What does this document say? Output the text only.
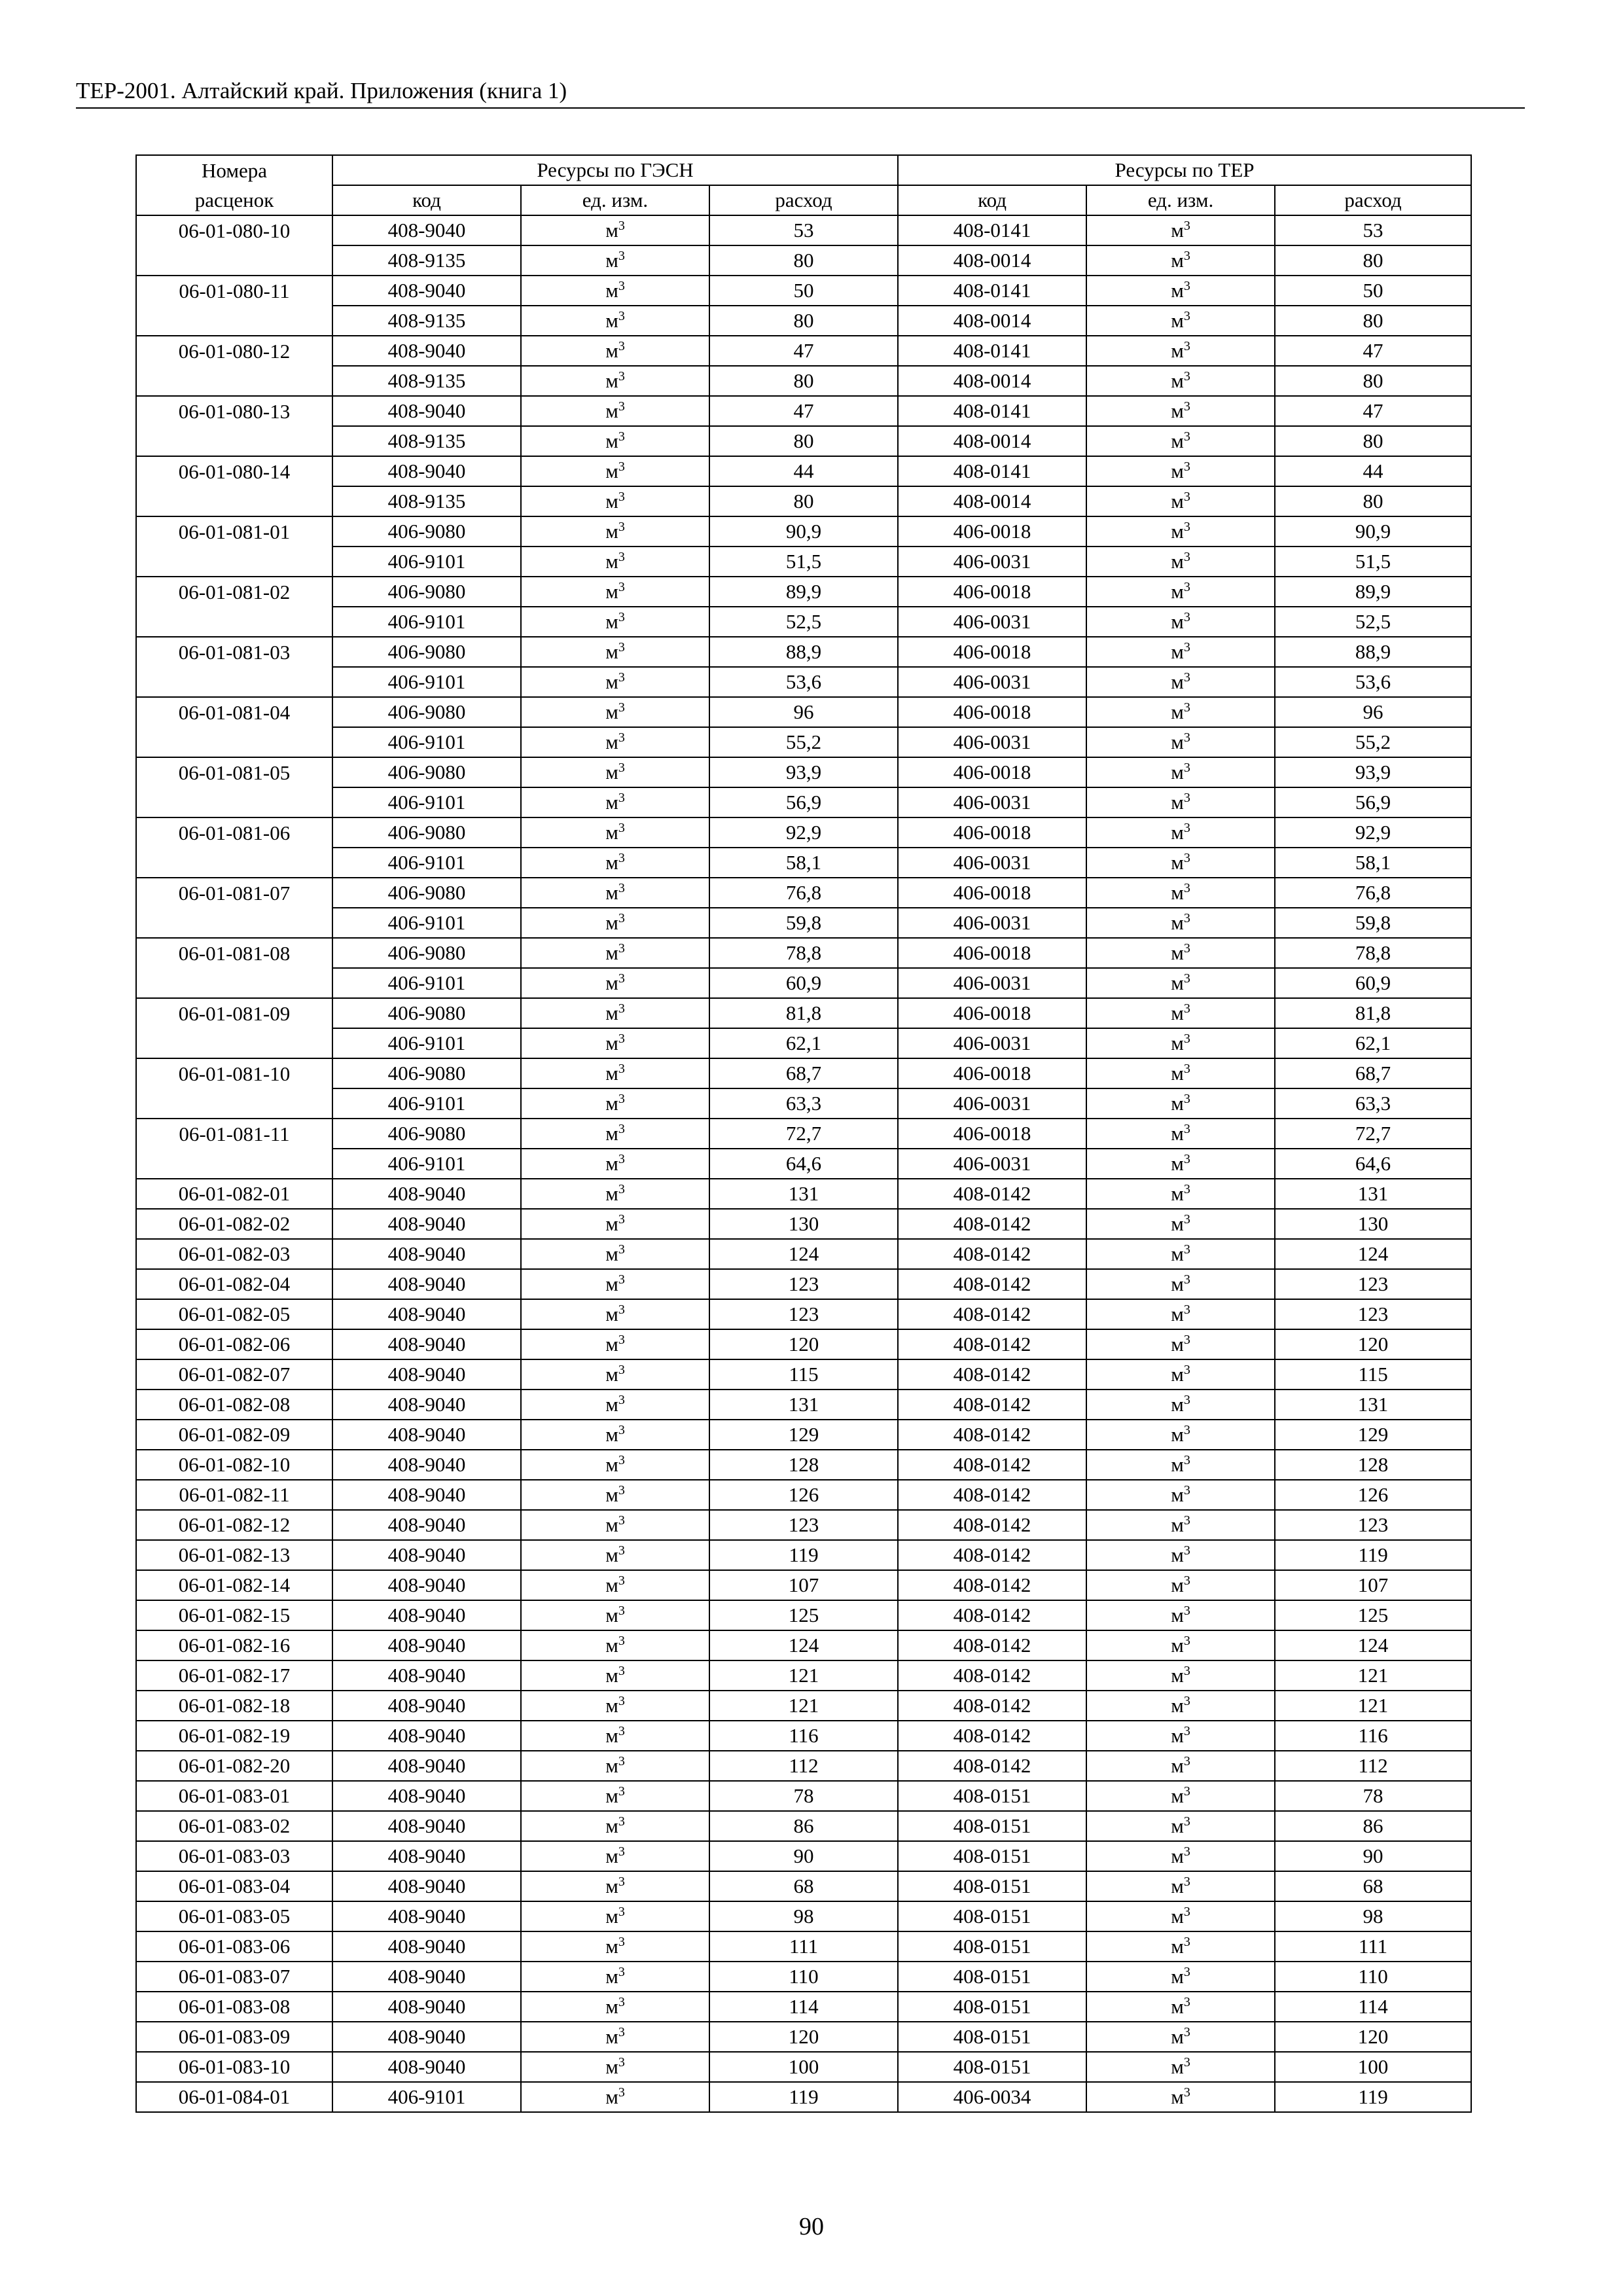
ТЕР-2001. Алтайский край. Приложения (книга 1)
Номера	Ресурсы по ГЭСН			Ресурсы по ТЕР		
расценок	код	ед. изм.	расход	код	ед. изм.	расход
06-01-080-10	408-9040	$м^3$	53	408-0141	$м^3$	53
	408-9135	$м^3$	80	408-0014	$м^3$	80
06-01-080-11	408-9040	$м^3$	50	408-0141	$м^3$	50
	408-9135	$м^3$	80	408-0014	$м^3$	80
06-01-080-12	408-9040	$м^3$	47	408-0141	$м^3$	47
	408-9135	$м^3$	80	408-0014	$м^3$	80
06-01-080-13	408-9040	$м^3$	47	408-0141	$м^3$	47
	408-9135	$м^3$	80	408-0014	$м^3$	80
06-01-080-14	408-9040	$м^3$	44	408-0141	$м^3$	44
	408-9135	$м^3$	80	408-0014	$м^3$	80
06-01-081-01	406-9080	$м^3$	90,9	406-0018	$м^3$	90,9
	406-9101	$м^3$	51,5	406-0031	$м^3$	51,5
06-01-081-02	406-9080	$м^3$	89,9	406-0018	$м^3$	89,9
	406-9101	$м^3$	52,5	406-0031	$м^3$	52,5
06-01-081-03	406-9080	$м^3$	88,9	406-0018	$м^3$	88,9
	406-9101	$м^3$	53,6	406-0031	$м^3$	53,6
06-01-081-04	406-9080	$м^3$	96	406-0018	$м^3$	96
	406-9101	$м^3$	55,2	406-0031	$м^3$	55,2
06-01-081-05	406-9080	$м^3$	93,9	406-0018	$м^3$	93,9
	406-9101	$м^3$	56,9	406-0031	$м^3$	56,9
06-01-081-06	406-9080	$м^3$	92,9	406-0018	$м^3$	92,9
	406-9101	$м^3$	58,1	406-0031	$м^3$	58,1
06-01-081-07	406-9080	$м^3$	76,8	406-0018	$м^3$	76,8
	406-9101	$м^3$	59,8	406-0031	$м^3$	59,8
06-01-081-08	406-9080	$м^3$	78,8	406-0018	$м^3$	78,8
	406-9101	$м^3$	60,9	406-0031	$м^3$	60,9
06-01-081-09	406-9080	$м^3$	81,8	406-0018	$м^3$	81,8
	406-9101	$м^3$	62,1	406-0031	$м^3$	62,1
06-01-081-10	406-9080	$м^3$	68,7	406-0018	$м^3$	68,7
	406-9101	$м^3$	63,3	406-0031	$м^3$	63,3
06-01-081-11	406-9080	$м^3$	72,7	406-0018	$м^3$	72,7
	406-9101	$м^3$	64,6	406-0031	$м^3$	64,6
06-01-082-01	408-9040	$м^3$	131	408-0142	$м^3$	131
06-01-082-02	408-9040	$м^3$	130	408-0142	$м^3$	130
06-01-082-03	408-9040	$м^3$	124	408-0142	$м^3$	124
06-01-082-04	408-9040	$м^3$	123	408-0142	$м^3$	123
06-01-082-05	408-9040	$м^3$	123	408-0142	$м^3$	123
06-01-082-06	408-9040	$м^3$	120	408-0142	$м^3$	120
06-01-082-07	408-9040	$м^3$	115	408-0142	$м^3$	115
06-01-082-08	408-9040	$м^3$	131	408-0142	$м^3$	131
06-01-082-09	408-9040	$м^3$	129	408-0142	$м^3$	129
06-01-082-10	408-9040	$м^3$	128	408-0142	$м^3$	128
06-01-082-11	408-9040	$м^3$	126	408-0142	$м^3$	126
06-01-082-12	408-9040	$м^3$	123	408-0142	$м^3$	123
06-01-082-13	408-9040	$м^3$	119	408-0142	$м^3$	119
06-01-082-14	408-9040	$м^3$	107	408-0142	$м^3$	107
06-01-082-15	408-9040	$м^3$	125	408-0142	$м^3$	125
06-01-082-16	408-9040	$м^3$	124	408-0142	$м^3$	124
06-01-082-17	408-9040	$м^3$	121	408-0142	$м^3$	121
06-01-082-18	408-9040	$м^3$	121	408-0142	$м^3$	121
06-01-082-19	408-9040	$м^3$	116	408-0142	$м^3$	116
06-01-082-20	408-9040	$м^3$	112	408-0142	$м^3$	112
06-01-083-01	408-9040	$м^3$	78	408-0151	$м^3$	78
06-01-083-02	408-9040	$м^3$	86	408-0151	$м^3$	86
06-01-083-03	408-9040	$м^3$	90	408-0151	$м^3$	90
06-01-083-04	408-9040	$м^3$	68	408-0151	$м^3$	68
06-01-083-05	408-9040	$м^3$	98	408-0151	$м^3$	98
06-01-083-06	408-9040	$м^3$	111	408-0151	$м^3$	111
06-01-083-07	408-9040	$м^3$	110	408-0151	$м^3$	110
06-01-083-08	408-9040	$м^3$	114	408-0151	$м^3$	114
06-01-083-09	408-9040	$м^3$	120	408-0151	$м^3$	120
06-01-083-10	408-9040	$м^3$	100	408-0151	$м^3$	100
06-01-084-01	406-9101	$м^3$	119	406-0034	$м^3$	119
90
